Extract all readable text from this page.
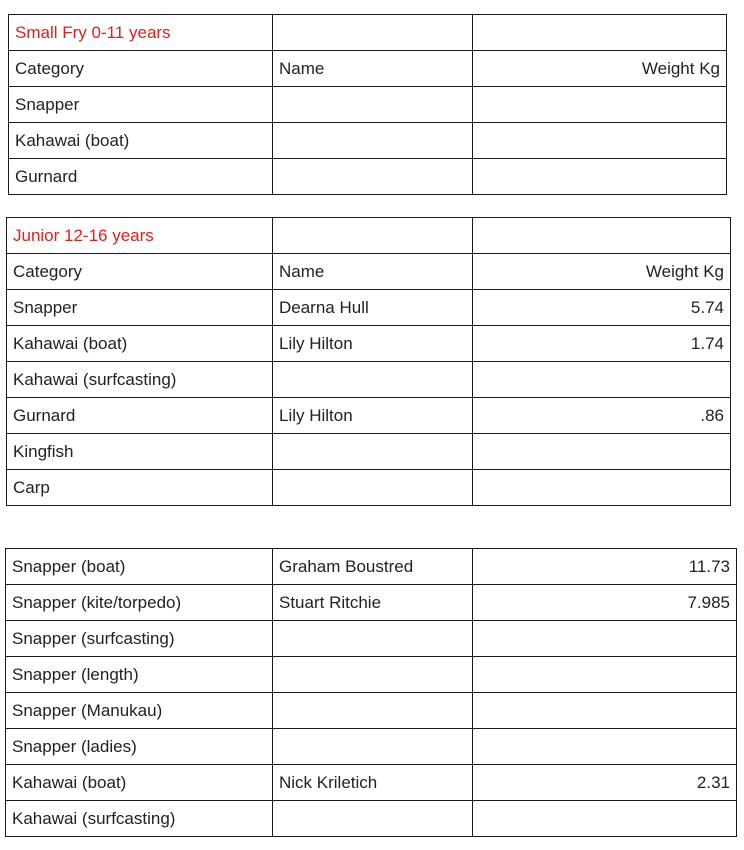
Small Fry 0-11 years		
Category	Name	Weight Kg
Snapper		
Kahawai (boat)		
Gurnard		
Junior 12-16 years		
Category	Name	Weight Kg
Snapper	Dearna Hull	5.74
Kahawai (boat)	Lily Hilton	1.74
Kahawai (surfcasting)		
Gurnard	Lily Hilton	.86
Kingfish		
Carp		
Snapper (boat)	Graham Boustred	11.73
Snapper (kite/torpedo)	Stuart Ritchie	7.985
Snapper (surfcasting)		
Snapper (length)		
Snapper (Manukau)		
Snapper (ladies)		
Kahawai (boat)	Nick Kriletich	2.31
Kahawai (surfcasting)		
